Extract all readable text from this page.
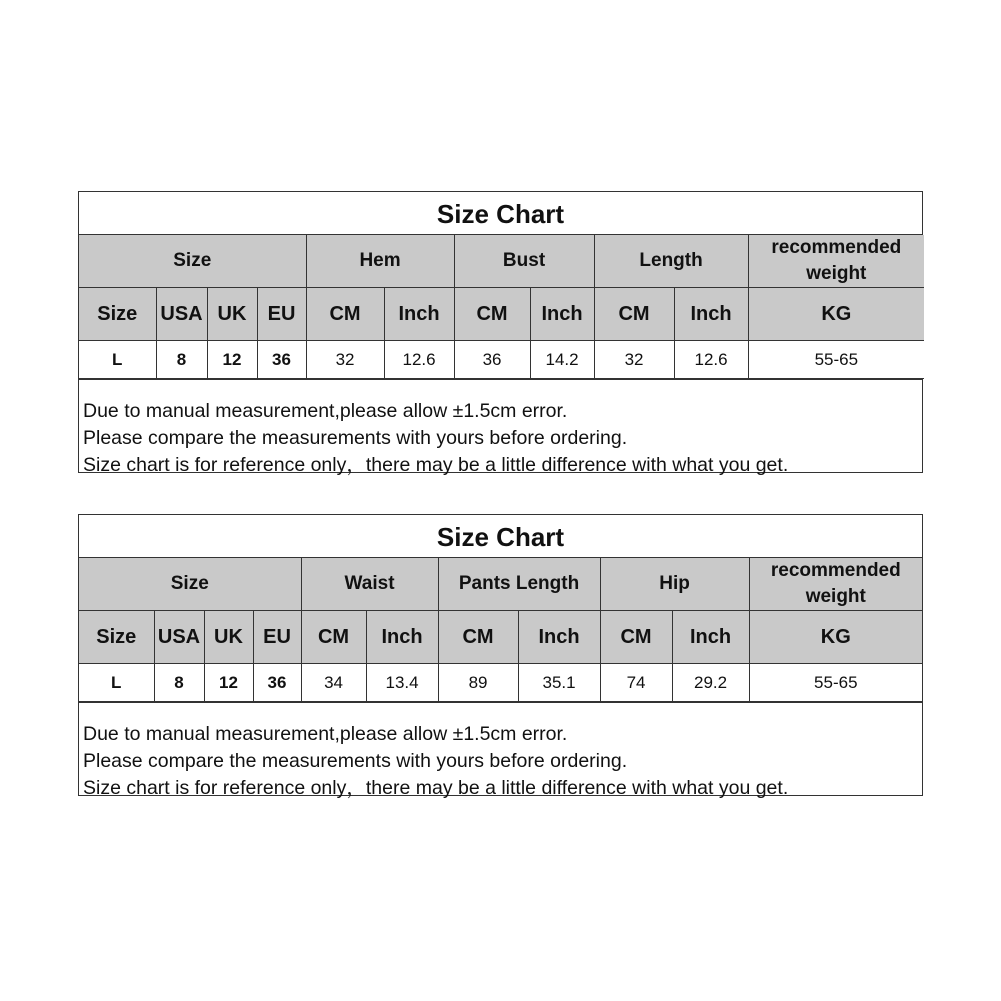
Size Chart
Size				Hem		Bust		Length		recommended weight
Size	USA	UK	EU	CM	Inch	CM	Inch	CM	Inch	KG
L	8	12	36	32	12.6	36	14.2	32	12.6	55-65
Due to manual measurement,please allow ±1.5cm error.
Please compare the measurements with yours before ordering.
Size chart is for reference only，there may be a little difference with what you get.
Size Chart
Size				Waist		Pants Length		Hip		recommended weight
Size	USA	UK	EU	CM	Inch	CM	Inch	CM	Inch	KG
L	8	12	36	34	13.4	89	35.1	74	29.2	55-65
Due to manual measurement,please allow ±1.5cm error.
Please compare the measurements with yours before ordering.
Size chart is for reference only，there may be a little difference with what you get.
